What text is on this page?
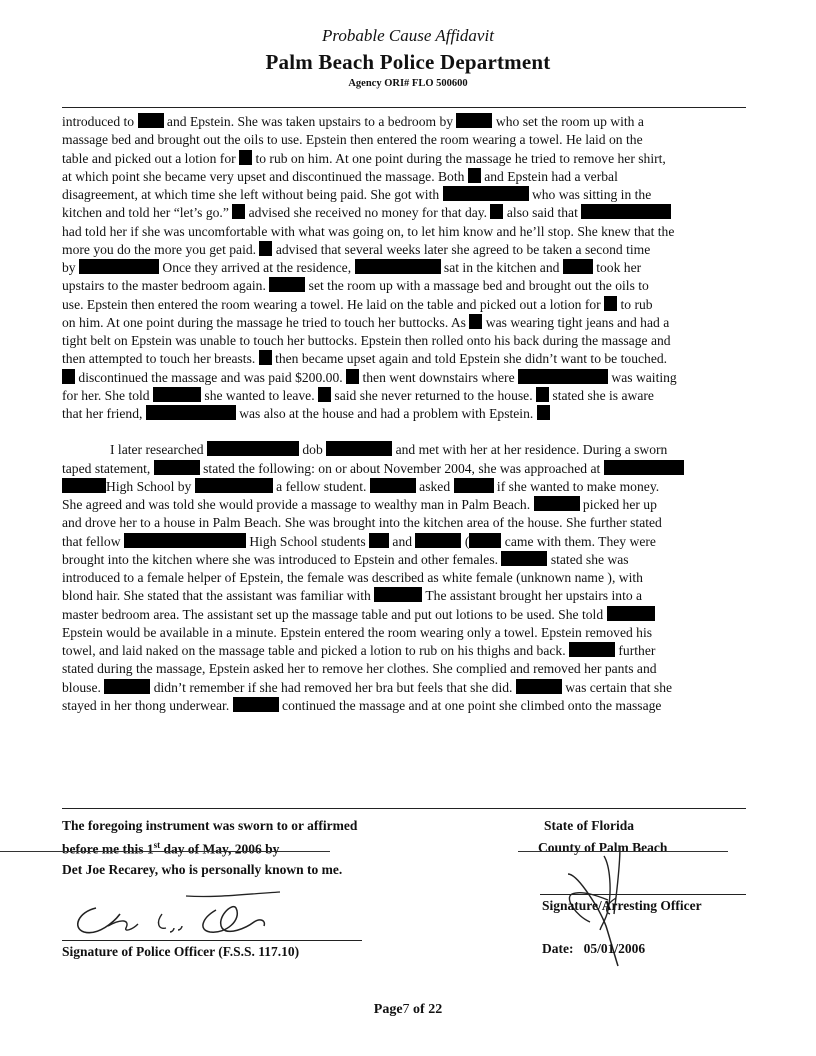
Probable Cause Affidavit
Palm Beach Police Department
Agency ORI# FLO 500600
introduced to  and Epstein. She was taken upstairs to a bedroom by	who set the room up with a
massage bed and brought out the oils to use. Epstein then entered the room wearing a towel. He laid on the
table and picked out a lotion for  to rub on him. At one point during the massage he tried to remove her shirt,
at which point she became very upset and discontinued the massage. Both  and Epstein had a verbal
disagreement, at which time she left without being paid. She got with	who was sitting in the
kitchen and told her “let’s go.”  advised she received no money for that day.  also said that
had told her if she was uncomfortable with what was going on, to let him know and he’ll stop. She knew that the
more you do the more you get paid.  advised that several weeks later she agreed to be taken a second time
by	Once they arrived at the residence,	sat in the kitchen and  took her
upstairs to the master bedroom again.	set the room up with a massage bed and brought out the oils to
use. Epstein then entered the room wearing a towel. He laid on the table and picked out a lotion for  to rub
on him. At one point during the massage he tried to touch her buttocks. As  was wearing tight jeans and had a
tight belt on Epstein was unable to touch her buttocks. Epstein then rolled onto his back during the massage and
then attempted to touch her breasts.  then became upset again and told Epstein she didn’t want to be touched.
discontinued the massage and was paid $200.00.  then went downstairs where	was waiting
for her. She told	she wanted to leave.  said she never returned to the house.  stated she is aware
that her friend,	was also at the house and had a problem with Epstein.
I later researched	dob	and met with her at her residence. During a sworn
taped statement,	stated the following: on or about November 2004, she was approached at
High School by	a fellow student.	asked	if she wanted to make money.
She agreed and was told she would provide a massage to wealthy man in Palm Beach.	picked her up
and drove her to a house in Palm Beach. She was brought into the kitchen area of the house. She further stated
that fellow	High School students  and	( came with them. They were
brought into the kitchen where she was introduced to Epstein and other females.	stated she was
introduced to a female helper of Epstein, the female was described as white female (unknown name ), with
blond hair. She stated that the assistant was familiar with	The assistant brought her upstairs into a
master bedroom area. The assistant set up the massage table and put out lotions to be used. She told
Epstein would be available in a minute. Epstein entered the room wearing only a towel. Epstein removed his
towel, and laid naked on the massage table and picked a lotion to rub on his thighs and back.	further
stated during the massage, Epstein asked her to remove her clothes. She complied and removed her pants and
blouse.	didn’t remember if she had removed her bra but feels that she did.	was certain that she
stayed in her thong underwear.	continued the massage and at one point she climbed onto the massage
The foregoing instrument was sworn to or affirmed
before me this 1st day of May, 2006 by
Det Joe Recarey, who is personally known to me.
Signature of Police Officer (F.S.S. 117.10)
State of Florida
County of Palm Beach
Signature/Arresting Officer
Date: 05/01/2006
Page7 of 22
